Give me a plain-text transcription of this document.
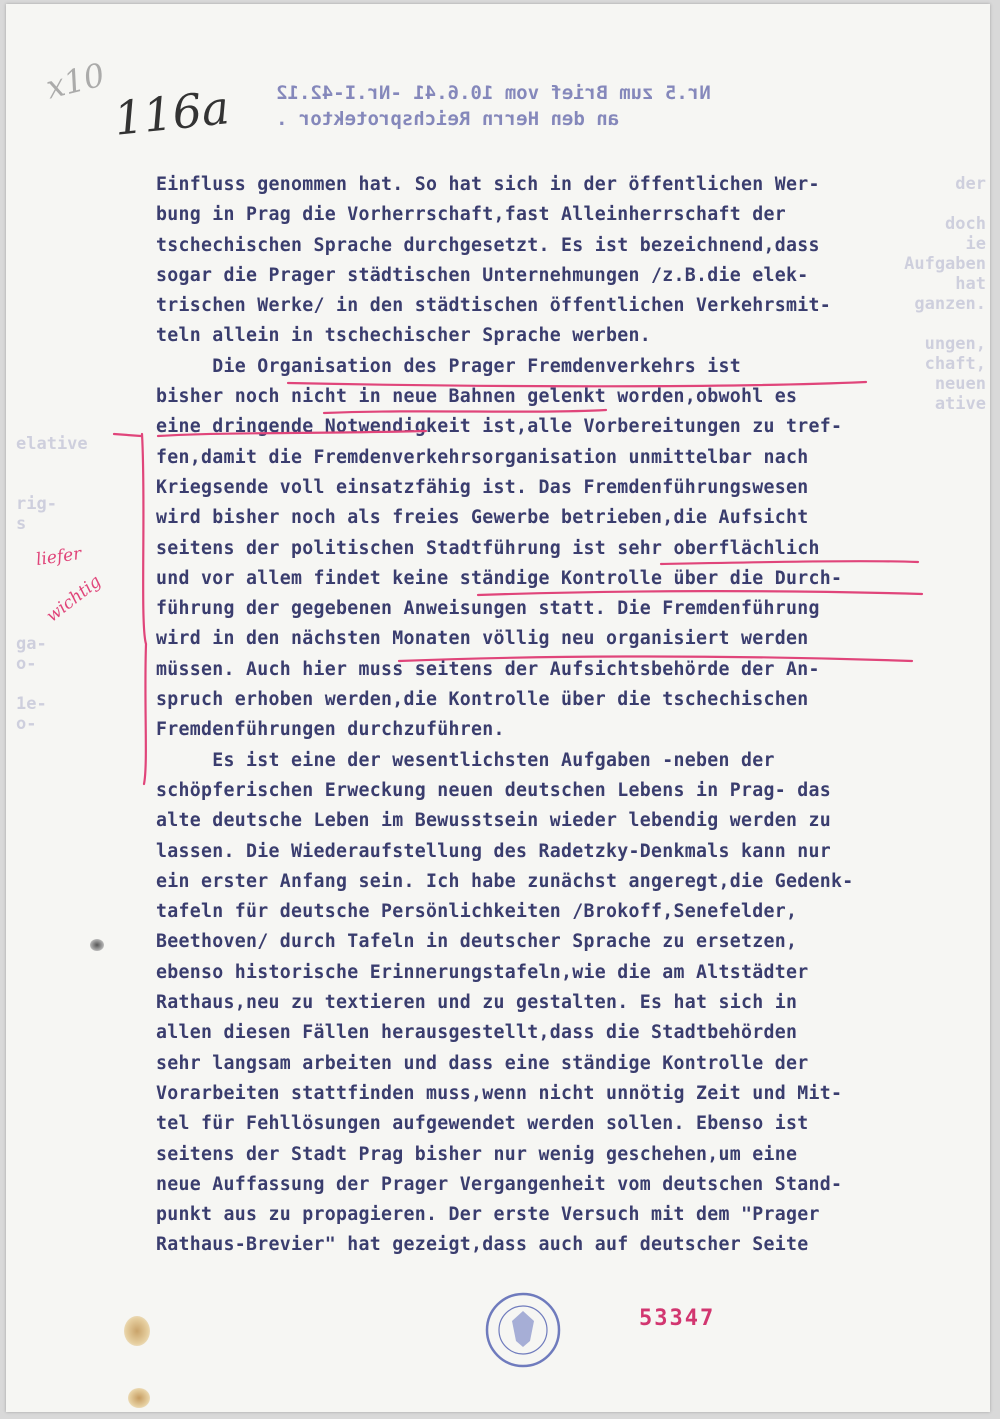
der

doch
ie
Aufgaben
hat
ganzen.

ungen,
chaft,
neuen
ative
elative

rig-
s

ga-
o-

1e-
o-
x10 116a Nr.5 zum Brief vom 10.6.41 -Nr.I-42.12
an den Herrn Reichsprotektor .
Einfluss genommen hat. So hat sich in der öffentlichen Wer-
bung in Prag die Vorherrschaft,fast Alleinherrschaft der
tschechischen Sprache durchgesetzt. Es ist bezeichnend,dass
sogar die Prager städtischen Unternehmungen /z.B.die elek-
trischen Werke/ in den städtischen öffentlichen Verkehrsmit-
teln allein in tschechischer Sprache werben.
Die Organisation des Prager Fremdenverkehrs ist
bisher noch nicht in neue Bahnen gelenkt worden,obwohl es
eine dringende Notwendigkeit ist,alle Vorbereitungen zu tref-
fen,damit die Fremdenverkehrsorganisation unmittelbar nach
Kriegsende voll einsatzfähig ist. Das Fremdenführungswesen
wird bisher noch als freies Gewerbe betrieben,die Aufsicht
seitens der politischen Stadtführung ist sehr oberflächlich
und vor allem findet keine ständige Kontrolle über die Durch-
führung der gegebenen Anweisungen statt. Die Fremdenführung
wird in den nächsten Monaten völlig neu organisiert werden
müssen. Auch hier muss seitens der Aufsichtsbehörde der An-
spruch erhoben werden,die Kontrolle über die tschechischen
Fremdenführungen durchzuführen.
Es ist eine der wesentlichsten Aufgaben -neben der
schöpferischen Erweckung neuen deutschen Lebens in Prag- das
alte deutsche Leben im Bewusstsein wieder lebendig werden zu
lassen. Die Wiederaufstellung des Radetzky-Denkmals kann nur
ein erster Anfang sein. Ich habe zunächst angeregt,die Gedenk-
tafeln für deutsche Persönlichkeiten /Brokoff,Senefelder,
Beethoven/ durch Tafeln in deutscher Sprache zu ersetzen,
ebenso historische Erinnerungstafeln,wie die am Altstädter
Rathaus,neu zu textieren und zu gestalten. Es hat sich in
allen diesen Fällen herausgestellt,dass die Stadtbehörden
sehr langsam arbeiten und dass eine ständige Kontrolle der
Vorarbeiten stattfinden muss,wenn nicht unnötig Zeit und Mit-
tel für Fehllösungen aufgewendet werden sollen. Ebenso ist
seitens der Stadt Prag bisher nur wenig geschehen,um eine
neue Auffassung der Prager Vergangenheit vom deutschen Stand-
punkt aus zu propagieren. Der erste Versuch mit dem "Prager
Rathaus-Brevier" hat gezeigt,dass auch auf deutscher Seite
liefer
wichtig
53347
